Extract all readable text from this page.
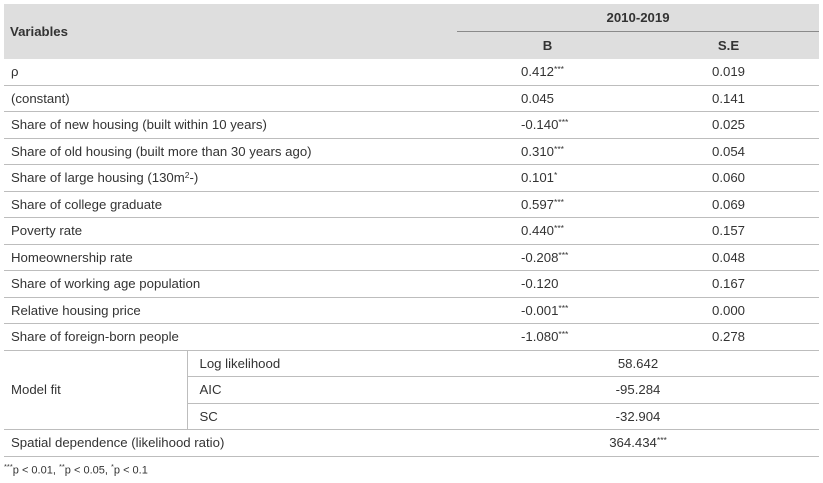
Variables		2010-2019	
		B	S.E
ρ		0.412***	0.019
(constant)		0.045	0.141
Share of new housing (built within 10 years)		-0.140***	0.025
Share of old housing (built more than 30 years ago)		0.310***	0.054
Share of large housing $(130m^2-)$		0.101*	0.060
Share of college graduate		0.597***	0.069
Poverty rate		0.440***	0.157
Homeownership rate		-0.208***	0.048
Share of working age population		-0.120	0.167
Relative housing price		-0.001***	0.000
Share of foreign-born people		-1.080***	0.278
Model fit	Log likelihood	58.642	
	AIC	-95.284	
	SC	-32.904	
Spatial dependence (likelihood ratio)		364.434***
***p < 0.01, **p < 0.05, *p < 0.1
